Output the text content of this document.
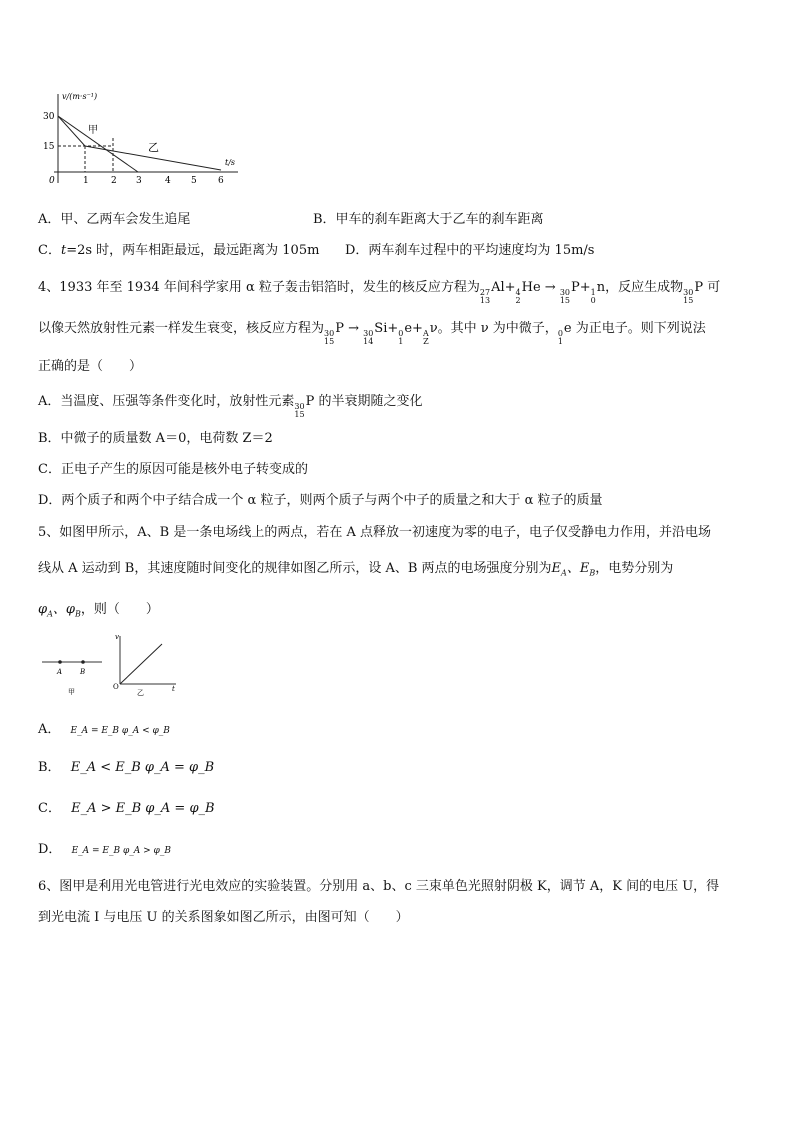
v/(m·s⁻¹)
t/s
30
15
0	1 2 3	4 5 6
甲
乙
A．甲、乙两车会发生追尾	B．甲车的刹车距离大于乙车的刹车距离
C．t=2s 时，两车相距最远，最远距离为 105m D．两车刹车过程中的平均速度均为 15m/s
4、1933 年至 1934 年间科学家用 α 粒子轰击铝箔时，发生的核反应方程为27
13Al+4
2He → 30
15P+1
0n，反应生成物30
15P 可
以像天然放射性元素一样发生衰变，核反应方程为30
15P → 30
14Si+0
1e+A
Zν。其中 ν 为中微子，0
1e 为正电子。则下列说法
正确的是（　　）
A．当温度、压强等条件变化时，放射性元素30
15P 的半衰期随之变化
B．中微子的质量数 A＝0，电荷数 Z＝2
C．正电子产生的原因可能是核外电子转变成的
D．两个质子和两个中子结合成一个 α 粒子，则两个质子与两个中子的质量之和大于 α 粒子的质量
5、如图甲所示，A、B 是一条电场线上的两点，若在 A 点释放一初速度为零的电子，电子仅受静电力作用，并沿电场
线从 A 运动到 B，其速度随时间变化的规律如图乙所示，设 A、B 两点的电场强度分别为$E_A$、$E_B$，电势分别为
$\varphi_A$、$\varphi_B$，则（　　）
A	B
甲
v
t
O
乙
A． E_A = E_B φ_A < φ_B
B． E_A < E_B φ_A = φ_B
C． E_A > E_B φ_A = φ_B
D． E_A = E_B φ_A > φ_B
6、图甲是利用光电管进行光电效应的实验装置。分别用 a、b、c 三束单色光照射阴极 K，调节 A，K 间的电压 U，得
到光电流 I 与电压 U 的关系图象如图乙所示，由图可知（　　）
